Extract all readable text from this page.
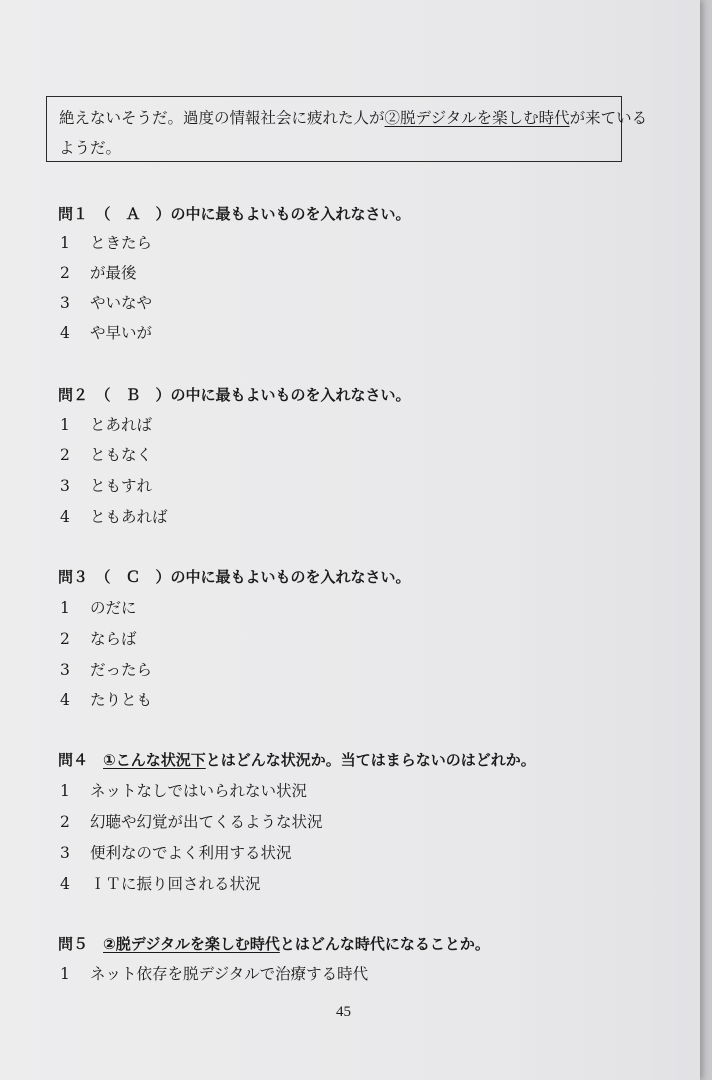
絶えないそうだ。過度の情報社会に疲れた人が②脱デジタルを楽しむ時代が来ている
ようだ。
問１　（　Ａ　）の中に最もよいものを入れなさい。
1 ときたら
2 が最後
3 やいなや
4 や早いが
問２　（　Ｂ　）の中に最もよいものを入れなさい。
1 とあれば
2 ともなく
3 ともすれ
4 ともあれば
問３　（　Ｃ　）の中に最もよいものを入れなさい。
1 のだに
2 ならば
3 だったら
4 たりとも
問４　①こんな状況下とはどんな状況か。当てはまらないのはどれか。
1 ネットなしではいられない状況
2 幻聴や幻覚が出てくるような状況
3 便利なのでよく利用する状況
4 ＩＴに振り回される状況
問５　②脱デジタルを楽しむ時代とはどんな時代になることか。
1 ネット依存を脱デジタルで治療する時代
45
